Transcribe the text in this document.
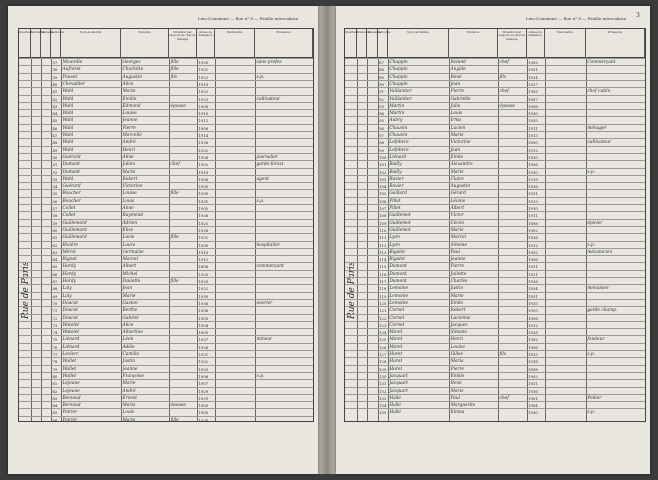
Lieu-Commune — Rue n° 8 — Feuille intercalaire
Quartiers
Numéros
Ménages
Individus	Nom de famille	Prénoms	Situation par rapport au chef de ménage
Année de naissance
Nationalité	Profession
Rue de Paris
37	Mourelle	Georges	fille	1920	sans-profes.
38	Aufrerel	Charlotte	fille	1921
39	Pouset	Augustin	fils	1922	s.p.
40	Chevallier	Alice	1919
41	Wahl	Marie	1922
42	Wahl	Émilie	1923	cultivateur
43	Wahl	Edmond	épouse	1906
44	Wahl	Louise	1910
45	Wahl	Jeanne	1912
46	Wahl	Pierre	1906
47	Wahl	Marcelle	1914
48	Wahl	André	1936
49	Wahl	Henri	1932
50	Guérard	Aline	1928	journalier
51	Dumont	Julien	chef	1902	garde-forest.
52	Dumont	Marie	1919
53	Wahl	Robert	1908	agent
54	Guérard	Victorine	1930
55	Boucher	Louise	fille	1930
56	Boucher	Louis	1931	s.p.
57	Collet	Anne	1905
58	Collet	Raymond	1936
59	Guillemard	Adrien	1925
60	Guillemard	Élise	1928
61	Guillemard	Lucie	fille	1931
62	Rivière	Laure	1930	hospitalier
63	Mérot	Germaine	1910
64	Rignet	Marcel	1912
65	Hardy	Albert	1898	commerçant
66	Hardy	Michel	1925
67	Hardy	Paulette	fille	1929
68	Laly	Jean	1922
69	Laly	Marie	1930
70	Doucet	Gaston	1936	ouvrier
71	Doucet	Berthe	1936
72	Doucet	Gabriel	1903
73	Watelet	Alice	1904
74	Watelet	Albertine	1890
75	Liénard	Léon	1927	mineur
76	Liénard	Adèle	1928
77	Leclerc	Camille	1931
78	Wallet	Justin	1932
79	Wallet	Jeanne	1930
80	Wallet	Françoise	1906	s.p.
81	Lejeune	Marie	1907
82	Lejeune	André	1929
83	Bersoud	Ernest	1929
84	Bersoud	Marie	épouse	1903
85	Poirier	Louis	1903
86	Poirier	Marie	fille	1928
Lieu-Commune — Rue n° 8 — Feuille intercalaire 3
Quartiers
Numéros
Ménages
Individus	Nom de famille	Prénoms	Situation par rapport au chef de ménage
Année de naissance
Nationalité	Profession
Rue de Paris
87	Chappin	Roland	chef	1902	Commerçant
88	Chappin	Angèle	1901
89	Chappin	René	fils	1924
90	Chappin	Jean	1927
91	Vaillantier	Pierre	chef	1903	chef cultiv.
92	Vaillantier	Gabrielle	1907
93	Martin	Julie	épouse	1908
94	Martin	Louis	1930
95	Aubry	Irma	1935
96	Chauvin	Lucien	1911	ménager
97	Chauvin	Marie	1913
98	Lefebvre	Victorine	1890	cultivateur
99	Lefebvre	Jean	1912
100 Liénard	Émile	1920
101 Bailly	Alexandre	1906
102 Bailly	Marie	1910	s.p.
103 Ravier	Claire	1919
104 Ravier	Augustin	1926
105 Gaillard	Gérard	1931
106 Pillet	Léonie	1933
107 Pillet	Albert	1910
108 Guillemot	Victor	1911
109 Guillemot	Cécile	1898	épicier
110 Guillemot	Marie	1902
111 Lyon	Marcel	1926
112 Lyon	Simone	1932	s.p.
113 Rigolet	Paul	1902	mécanicien
114 Rigolet	Jeanne	1906
115 Dumont	Pierre	1931
116 Dumont	Juliette	1921
117 Dumont	Charles	1926
118 Lemoine	Justin	1934	menuisier
119 Lemoine	Marie	1931
120 Lemoine	Émile	1935
121 Cornet	Robert	1903	garde champ.
122 Cornet	Lucienne	1906
123 Cornet	Jacques	1932
124 Morel	Simone	1928
125 Morel	Henri	1902	fondeur
126 Morel	Louise	1906
127 Huret	Gilles	fils	1933	s.p.
128 Huret	Maria	1918
129 Huret	Pierre	1898
130 Jacquart	Émilie	1902
131 Jacquart	René	1931
132 Jacquart	Marie	1936
133 Hallé	Paul	chef	1901	Poilier
134 Hallé	Marguerite	1904
135 Hallé	Emma	1930	s.p.
